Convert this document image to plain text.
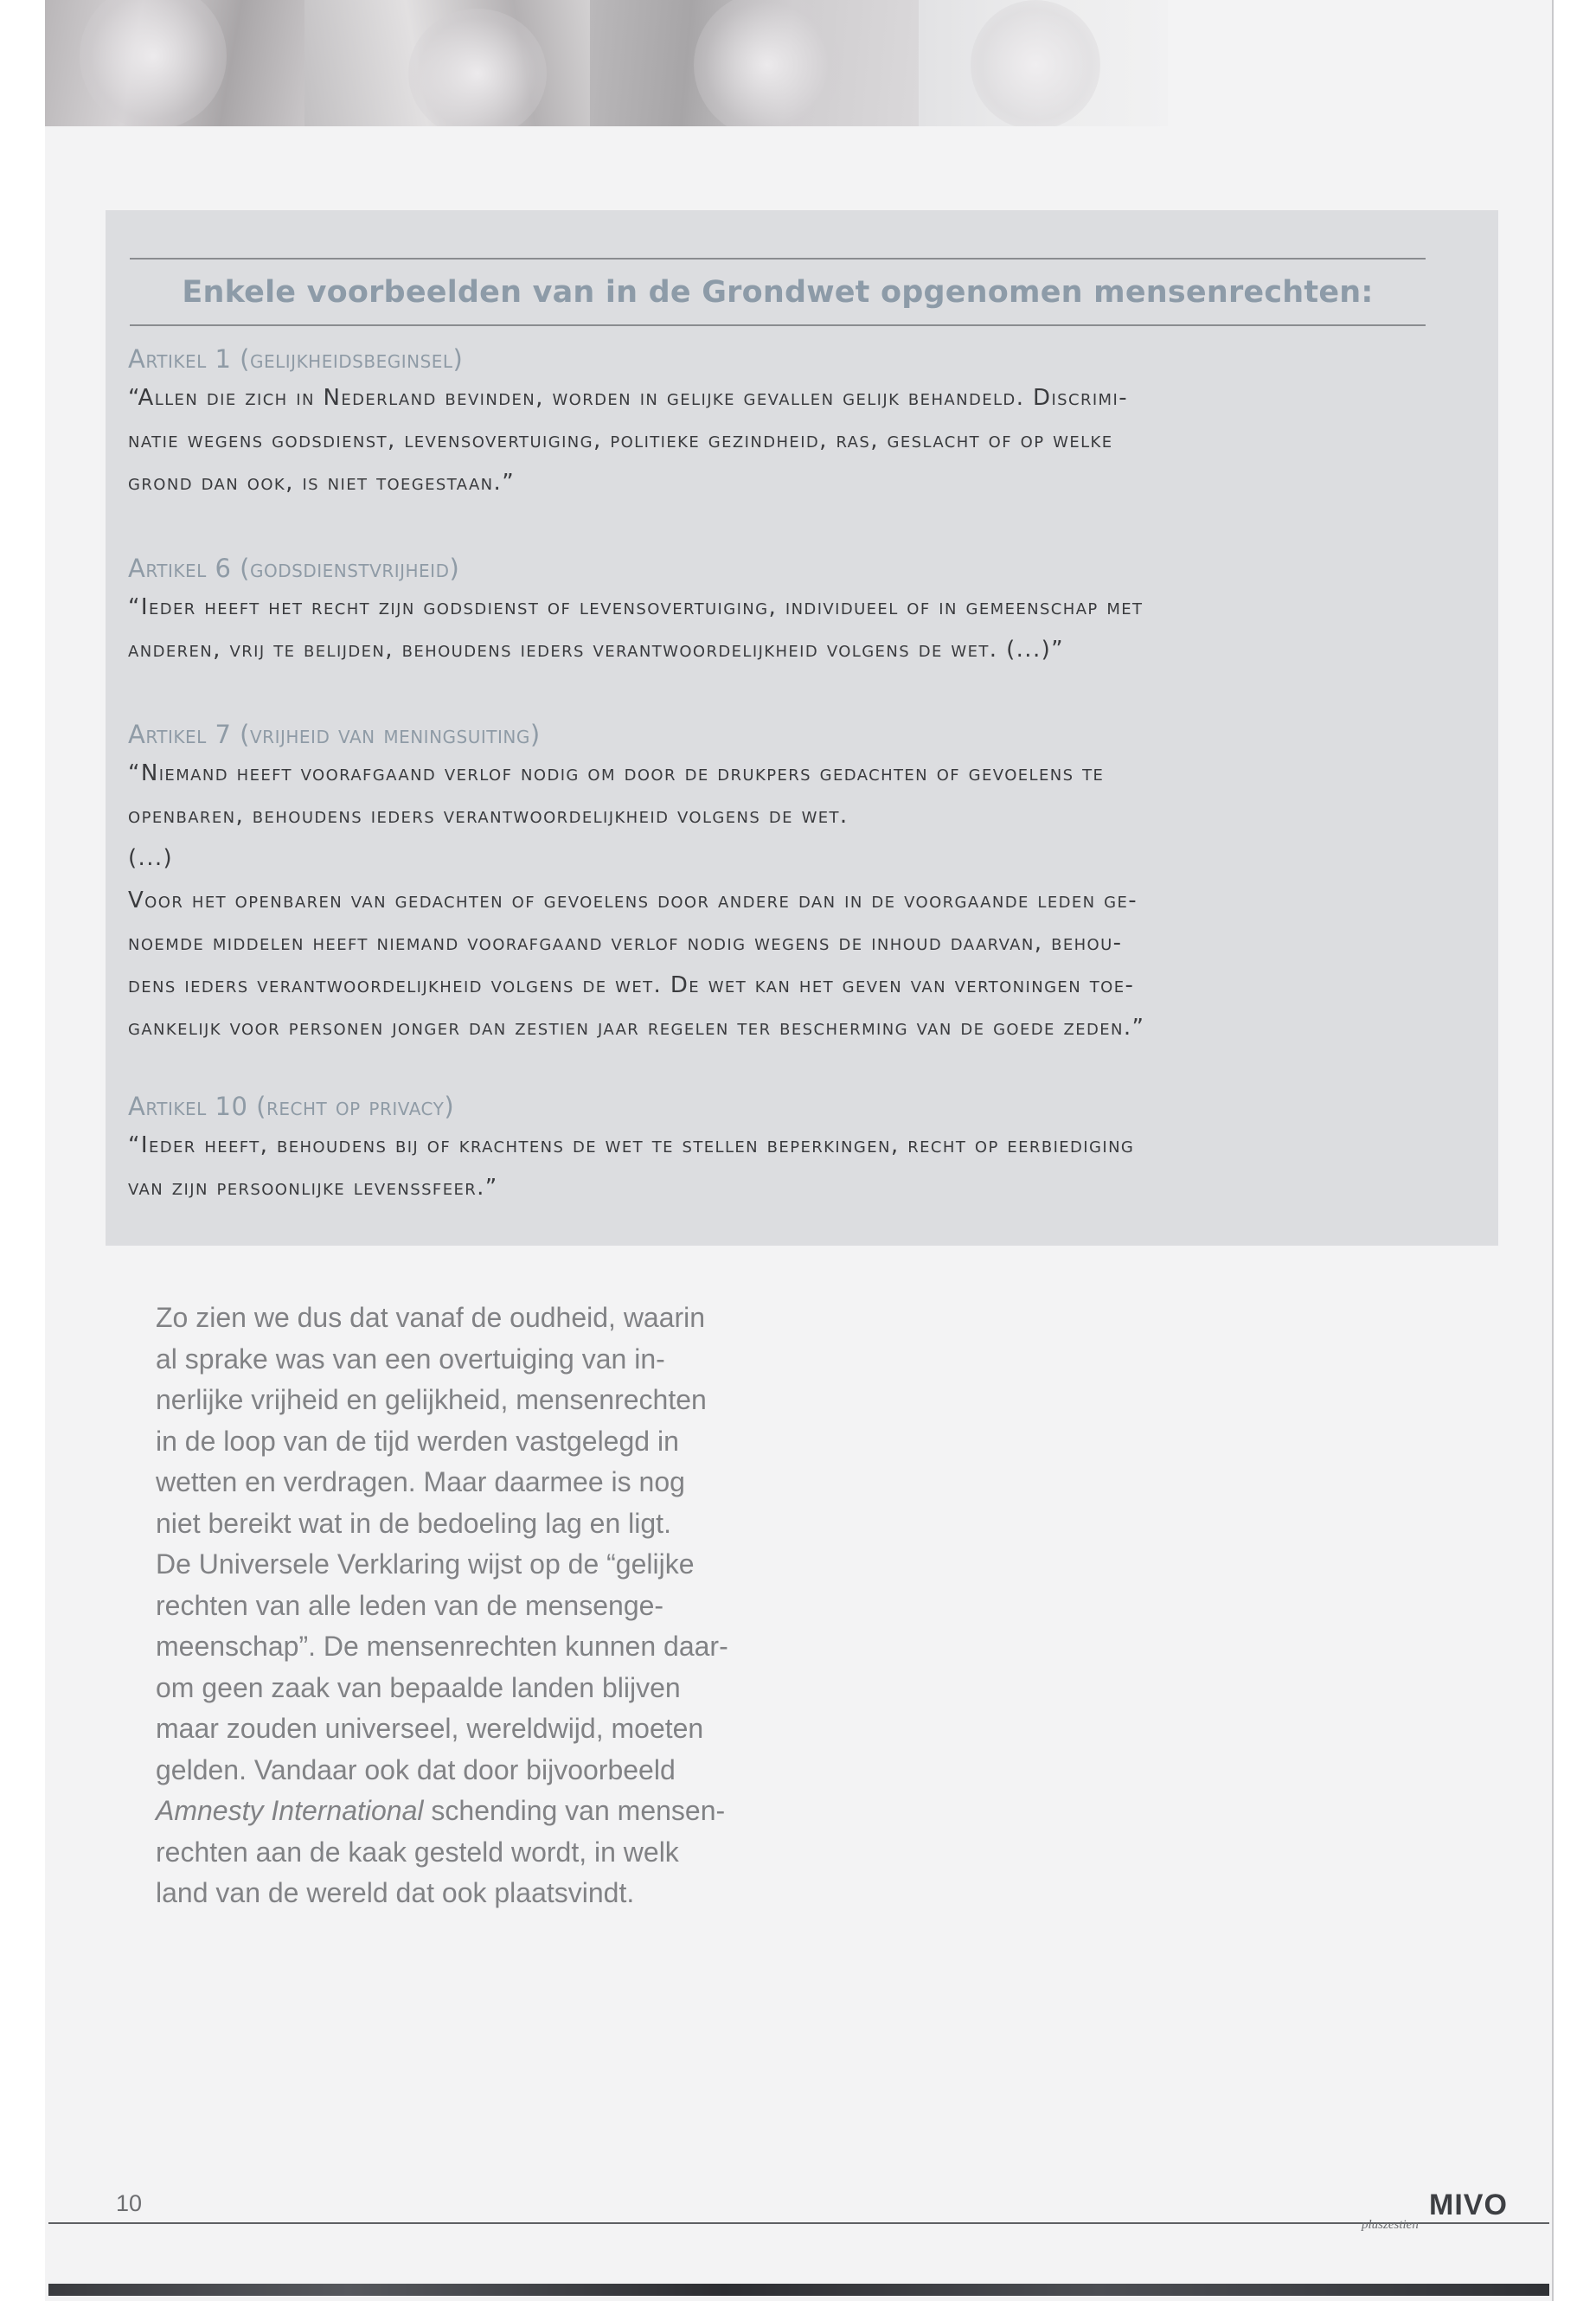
Enkele voorbeelden van in de Grondwet opgenomen mensenrechten:

Artikel 1 (gelijkheidsbeginsel)

“Allen die zich in Nederland bevinden, worden in gelijke gevallen gelijk behandeld. Discrimi-
natie wegens godsdienst, levensovertuiging, politieke gezindheid, ras, geslacht of op welke
grond dan ook, is niet toegestaan.”

Artikel 6 (godsdienstvrijheid)

“Ieder heeft het recht zijn godsdienst of levensovertuiging, individueel of in gemeenschap met
anderen, vrij te belijden, behoudens ieders verantwoordelijkheid volgens de wet. (...)”

Artikel 7 (vrijheid van meningsuiting)

“Niemand heeft voorafgaand verlof nodig om door de drukpers gedachten of gevoelens te
openbaren, behoudens ieders verantwoordelijkheid volgens de wet.
(...)
Voor het openbaren van gedachten of gevoelens door andere dan in de voorgaande leden ge-
noemde middelen heeft niemand voorafgaand verlof nodig wegens de inhoud daarvan, behou-
dens ieders verantwoordelijkheid volgens de wet. De wet kan het geven van vertoningen toe-
gankelijk voor personen jonger dan zestien jaar regelen ter bescherming van de goede zeden.”

Artikel 10 (recht op privacy)

“Ieder heeft, behoudens bij of krachtens de wet te stellen beperkingen, recht op eerbiediging
van zijn persoonlijke levenssfeer.”

Zo zien we dus dat vanaf de oudheid, waarin
al sprake was van een overtuiging van in-
nerlijke vrijheid en gelijkheid, mensenrechten
in de loop van de tijd werden vastgelegd in
wetten en verdragen. Maar daarmee is nog
niet bereikt wat in de bedoeling lag en ligt.
De Universele Verklaring wijst op de “gelijke
rechten van alle leden van de mensenge-
meenschap”. De mensenrechten kunnen daar-
om geen zaak van bepaalde landen blijven
maar zouden universeel, wereldwijd, moeten
gelden. Vandaar ook dat door bijvoorbeeld
Amnesty International schending van mensen-
rechten aan de kaak gesteld wordt, in welk
land van de wereld dat ook plaatsvindt.

10	MIVO
pluszestien
